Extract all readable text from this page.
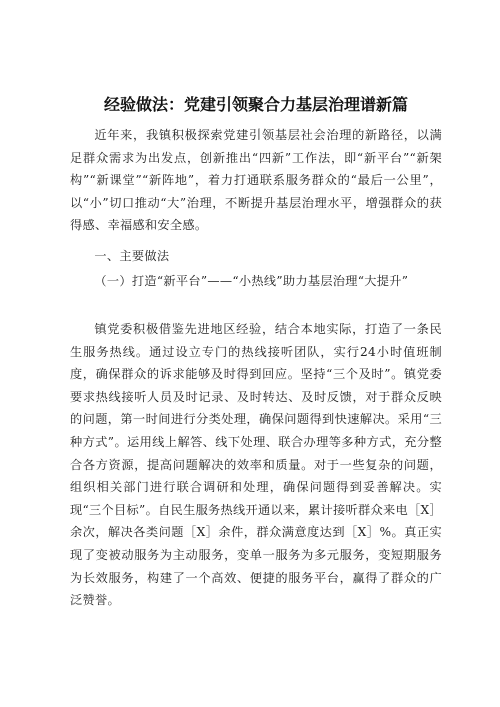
经验做法：党建引领聚合力基层治理谱新篇

近年来，我镇积极探索党建引领基层社会治理的新路径，以满足群众需求为出发点，创新推出“四新”工作法，即“新平台”“新架构”“新课堂”“新阵地”，着力打通联系服务群众的“最后一公里”，以“小”切口推动“大”治理，不断提升基层治理水平，增强群众的获得感、幸福感和安全感。

一、主要做法

（一）打造“新平台”——“小热线”助力基层治理“大提升”

镇党委积极借鉴先进地区经验，结合本地实际，打造了一条民生服务热线。通过设立专门的热线接听团队，实行24小时值班制度，确保群众的诉求能够及时得到回应。坚持“三个及时”。镇党委要求热线接听人员及时记录、及时转达、及时反馈，对于群众反映的问题，第一时间进行分类处理，确保问题得到快速解决。采用“三种方式”。运用线上解答、线下处理、联合办理等多种方式，充分整合各方资源，提高问题解决的效率和质量。对于一些复杂的问题，组织相关部门进行联合调研和处理，确保问题得到妥善解决。实现“三个目标”。自民生服务热线开通以来，累计接听群众来电［X］余次，解决各类问题［X］余件，群众满意度达到［X］%。真正实现了变被动服务为主动服务，变单一服务为多元服务，变短期服务为长效服务，构建了一个高效、便捷的服务平台，赢得了群众的广泛赞誉。
